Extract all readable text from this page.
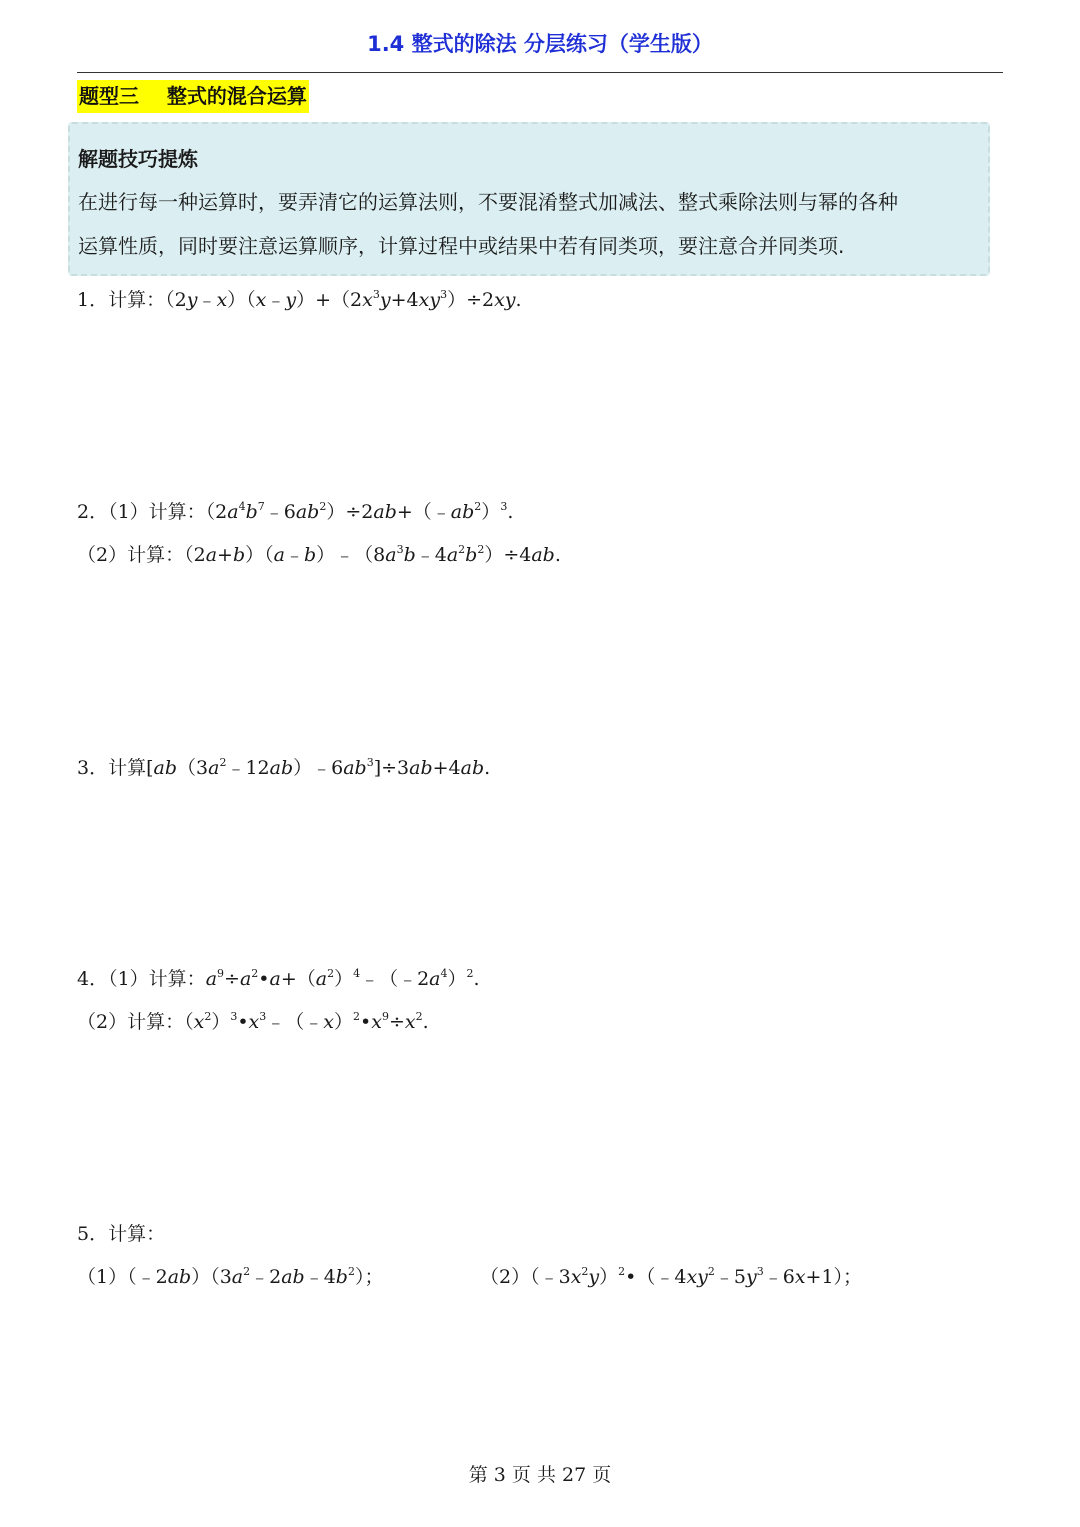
1.4 整式的除法 分层练习（学生版）
题型三    整式的混合运算
解题技巧提炼
在进行每一种运算时，要弄清它的运算法则，不要混淆整式加减法、整式乘除法则与幂的各种
运算性质，同时要注意运算顺序，计算过程中或结果中若有同类项，要注意合并同类项.
1．计算：$(2y﹣x)(x﹣y)+(2x^3y+4xy^3)\div 2xy$.
2．（1）计算：$(2a^4b^7﹣6ab^2)\div 2ab+(﹣ab^2)^3$.
（2）计算：$(2a+b)(a﹣b)﹣(8a^3b﹣4a^2b^2)\div 4ab$.
3．计算$[ab(3a^2﹣12ab)﹣6ab^3]\div 3ab+4ab$.
4．（1）计算：$a^9\div a^2•a+(a^2)^4﹣(﹣2a^4)^2$.
（2）计算：$(x^2)^3•x^3﹣(﹣x)^2•x^9\div x^2$.
5．计算：
$(1)(﹣2ab)(3a^2﹣2ab﹣4b^2)$；	$(2)(﹣3x^2y)^2•(﹣4xy^2﹣5y^3﹣6x+1)$；
第 3 页 共 27 页
